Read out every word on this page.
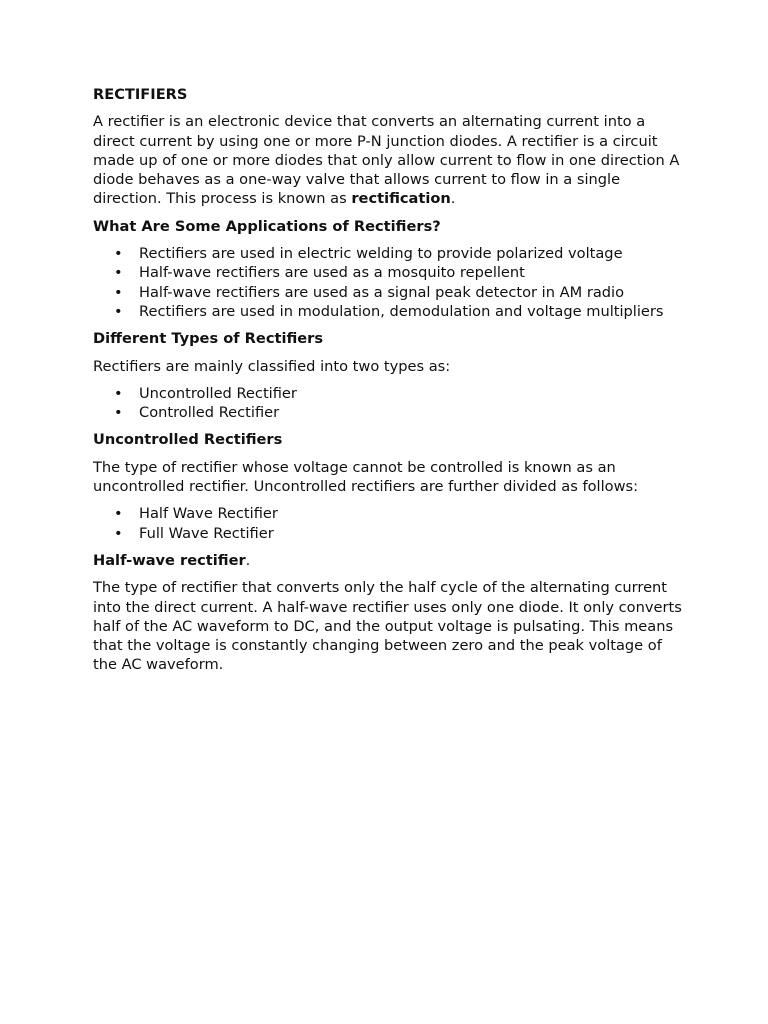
RECTIFIERS

A rectifier is an electronic device that converts an alternating current into a direct current by using one or more P-N junction diodes. A rectifier is a circuit made up of one or more diodes that only allow current to flow in one direction A diode behaves as a one-way valve that allows current to flow in a single direction. This process is known as rectification.

What Are Some Applications of Rectifiers?
• Rectifiers are used in electric welding to provide polarized voltage
• Half-wave rectifiers are used as a mosquito repellent
• Half-wave rectifiers are used as a signal peak detector in AM radio
• Rectifiers are used in modulation, demodulation and voltage multipliers
Different Types of Rectifiers

Rectifiers are mainly classified into two types as:

• Uncontrolled Rectifier
• Controlled Rectifier
Uncontrolled Rectifiers

The type of rectifier whose voltage cannot be controlled is known as an uncontrolled rectifier. Uncontrolled rectifiers are further divided as follows:

• Half Wave Rectifier
• Full Wave Rectifier

Half-wave rectifier.

The type of rectifier that converts only the half cycle of the alternating current into the direct current. A half-wave rectifier uses only one diode. It only converts half of the AC waveform to DC, and the output voltage is pulsating. This means that the voltage is constantly changing between zero and the peak voltage of the AC waveform.
